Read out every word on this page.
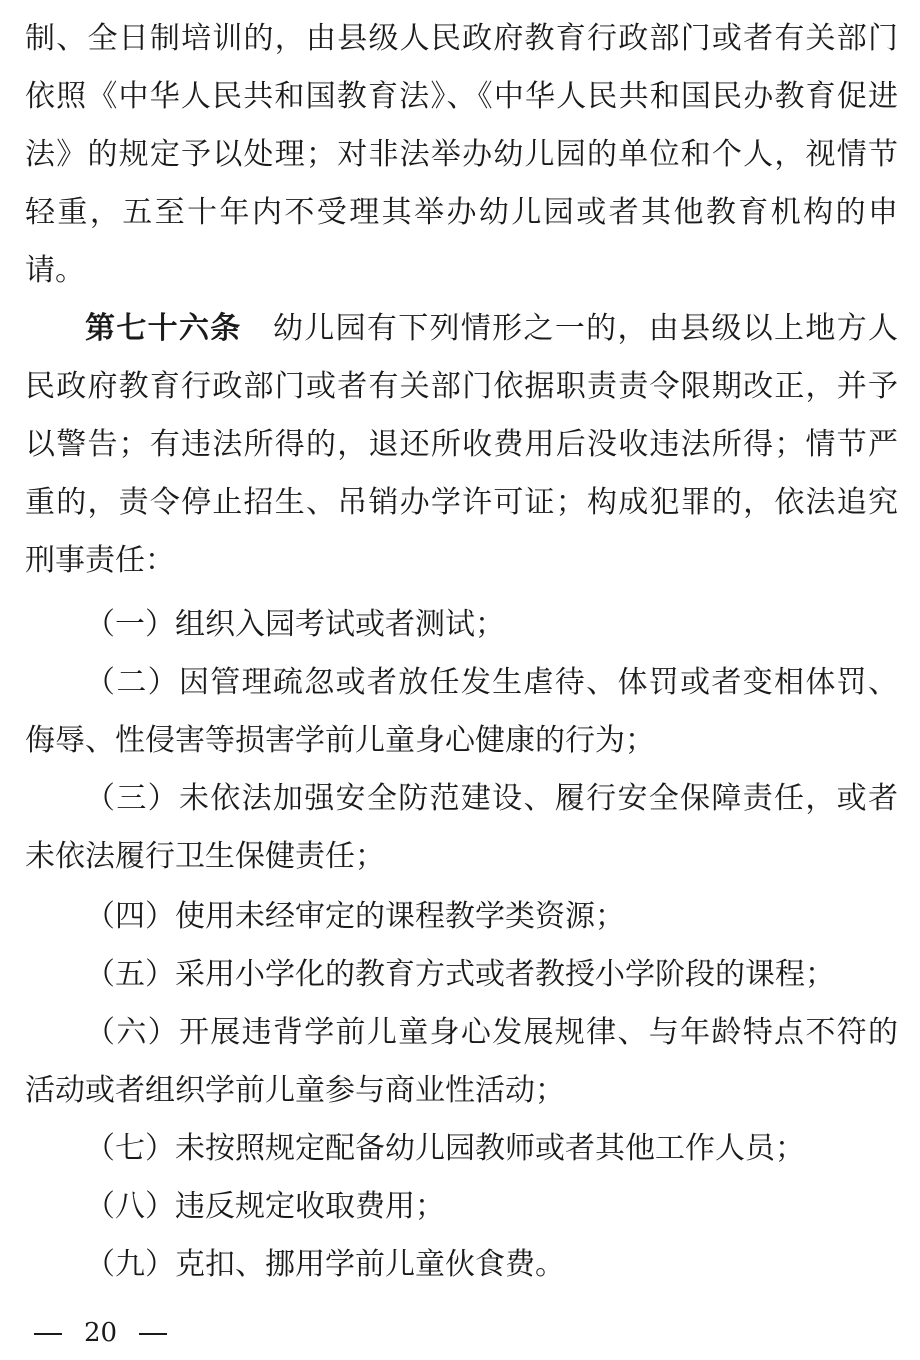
制、全日制培训的，由县级人民政府教育行政部门或者有关部门
依照《中华人民共和国教育法》、《中华人民共和国民办教育促进
法》的规定予以处理；对非法举办幼儿园的单位和个人，视情节
轻重，五至十年内不受理其举办幼儿园或者其他教育机构的申
请。
第七十六条　 幼儿园有下列情形之一的，由县级以上地方人
民政府教育行政部门或者有关部门依据职责责令限期改正，并予
以警告；有违法所得的，退还所收费用后没收违法所得；情节严
重的，责令停止招生、吊销办学许可证；构成犯罪的，依法追究
刑事责任：
（一）组织入园考试或者测试；
（二）因管理疏忽或者放任发生虐待、体罚或者变相体罚、
侮辱、性侵害等损害学前儿童身心健康的行为；
（三）未依法加强安全防范建设、履行安全保障责任，或者
未依法履行卫生保健责任；
（四）使用未经审定的课程教学类资源；
（五）采用小学化的教育方式或者教授小学阶段的课程；
（六）开展违背学前儿童身心发展规律、与年龄特点不符的
活动或者组织学前儿童参与商业性活动；
（七）未按照规定配备幼儿园教师或者其他工作人员；
（八）违反规定收取费用；
（九）克扣、挪用学前儿童伙食费。
20
